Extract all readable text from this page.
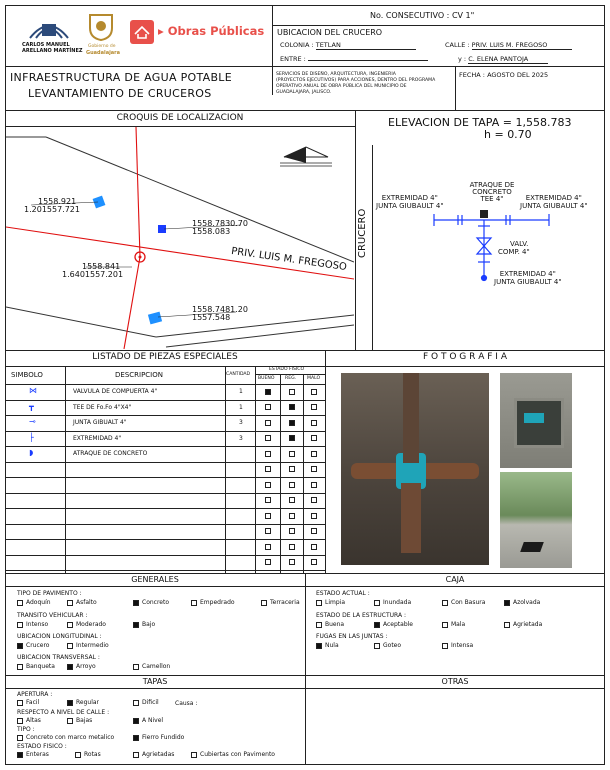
CARLOS MANUEL
ARELLANO MARTÍNEZ
Gobierno de
Guadalajara
▸ Obras Públicas
No. CONSECUTIVO : CV 1"
UBICACION DEL CRUCERO
COLONIA : TETLAN	CALLE : PRIV. LUIS M. FREGOSO
ENTRE :	y : C. ELENA PANTOJA
INFRAESTRUCTURA DE AGUA POTABLE
LEVANTAMIENTO DE CRUCEROS
SERVICIOS DE DISEÑO, ARQUITECTURA, INGENIERIA
(PROYECTOS EJECUTIVOS) PARA ACCIONES, DENTRO DEL PROGRAMA
OPERATIVO ANUAL DE OBRA PÚBLICA DEL MUNICIPIO DE
GUADALAJARA, JALISCO.
FECHA : AGOSTO DEL 2025
CROQUIS DE LOCALIZACION
PRIV. LUIS M. FREGOSO
1558.921
1.201557.721
1558.7830.70
1558.083
1558.841
1.6401557.201
1558.7481.20
1557.548
ELEVACION DE TAPA = 1,558.783
h = 0.70
CRUCERO
ATRAQUE DE
CONCRETO
TEE 4"
EXTREMIDAD 4"
JUNTA GIUBAULT 4"
EXTREMIDAD 4"
JUNTA GIUBAULT 4"
VALV.
COMP. 4"
EXTREMIDAD 4"
JUNTA GIUBAULT 4"
LISTADO DE PIEZAS ESPECIALES
SIMBOLO	DESCRIPCION	CANTIDAD
ESTADO FISICO
BUENO REG. MALO
⋈	VALVULA DE COMPUERTA 4"	1
┳	TEE DE Fo.Fo 4"X4"	1
⊸	JUNTA GIBUALT 4"	3
├	EXTREMIDAD 4"	3
◗	ATRAQUE DE CONCRETO
F O T O G R A F I A
GENERALES	CAJA
TIPO DE PAVIMENTO :
Adoquín	Asfalto	Concreto	Empedrado	Terraceria
TRANSITO VEHICULAR :
Intenso	Moderado	Bajo
UBICACION LONGITUDINAL :
Crucero	Intermedio
UBICACION TRANSVERSAL :
Banqueta	Arroyo	Camellon
ESTADO ACTUAL :
Limpia	Inundada	Con Basura	Azolvada
ESTADO DE LA ESTRUCTURA :
Buena	Aceptable	Mala	Agrietada
FUGAS EN LAS JUNTAS :
Nula	Goteo	Intensa
TAPAS	OTRAS
APERTURA :
Facil	Regular	Dificil	Causa :
RESPECTO A NIVEL DE CALLE :
Altas	Bajas	A Nivel
TIPO :
Concreto con marco metalico	Fierro Fundido
ESTADO FISICO :
Enteras	Rotas	Agrietadas	Cubiertas con Pavimento
